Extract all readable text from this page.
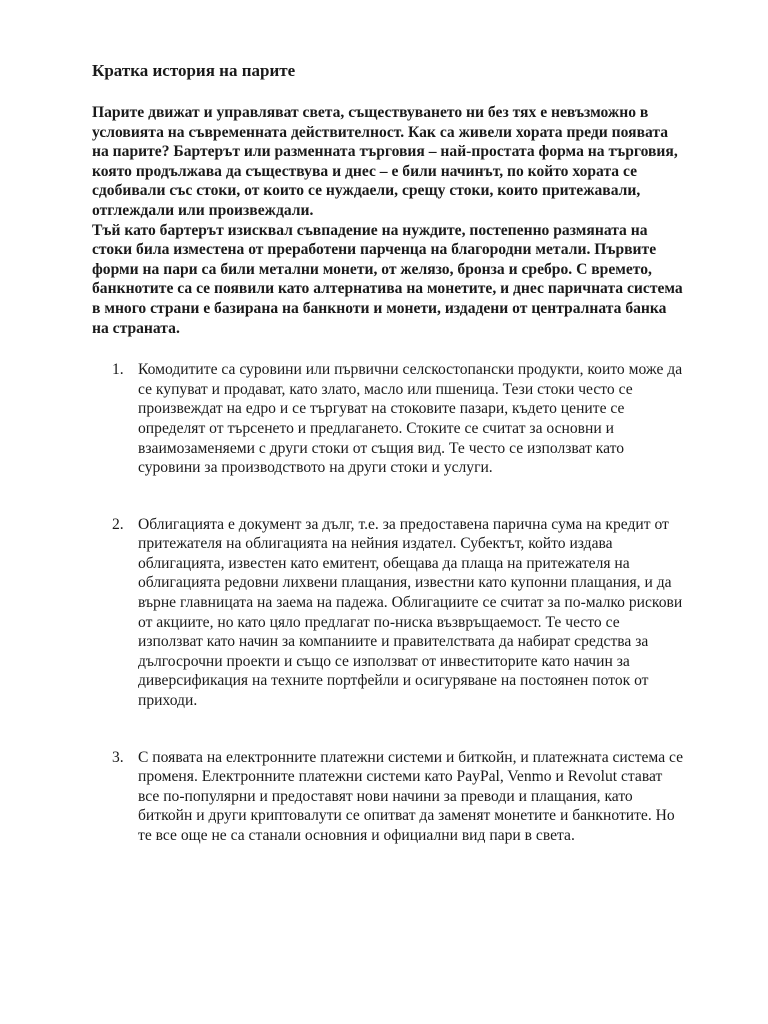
Кратка история на парите

Парите движат и управляват света, съществуването ни без тях е невъзможно в условията на съвременната действителност. Как са живели хората преди появата на парите? Бартерът или разменната търговия – най-простата форма на търговия, която продължава да съществува и днес – е били начинът, по който хората се сдобивали със стоки, от които се нуждаели, срещу стоки, които притежавали, отглеждали или произвеждали.

Тъй като бартерът изисквал съвпадение на нуждите, постепенно размяната на стоки била изместена от преработени парченца на благородни метали. Първите форми на пари са били метални монети, от желязо, бронза и сребро. С времето, банкнотите са се появили като алтернатива на монетите, и днес паричната система в много страни е базирана на банкноти и монети, издадени от централната банка на страната.

1. Комодитите са суровини или първични селскостопански продукти, които може да се купуват и продават, като злато, масло или пшеница. Тези стоки често се произвеждат на едро и се търгуват на стоковите пазари, където цените се определят от търсенето и предлагането. Стоките се считат за основни и взаимозаменяеми с други стоки от същия вид. Те често се използват като суровини за производството на други стоки и услуги.
2. Облигацията е документ за дълг, т.е. за предоставена парична сума на кредит от притежателя на облигацията на нейния издател. Субектът, който издава облигацията, известен като емитент, обещава да плаща на притежателя на облигацията редовни лихвени плащания, известни като купонни плащания, и да върне главницата на заема на падежа. Облигациите се считат за по-малко рискови от акциите, но като цяло предлагат по-ниска възвръщаемост. Те често се използват като начин за компаниите и правителствата да набират средства за дългосрочни проекти и също се използват от инвеститорите като начин за диверсификация на техните портфейли и осигуряване на постоянен поток от приходи.
3. С появата на електронните платежни системи и биткойн, и платежната система се променя. Електронните платежни системи като PayPal, Venmo и Revolut стават все по-популярни и предоставят нови начини за преводи и плащания, като биткойн и други криптовалути се опитват да заменят монетите и банкнотите. Но те все още не са станали основния и официални вид пари в света.
